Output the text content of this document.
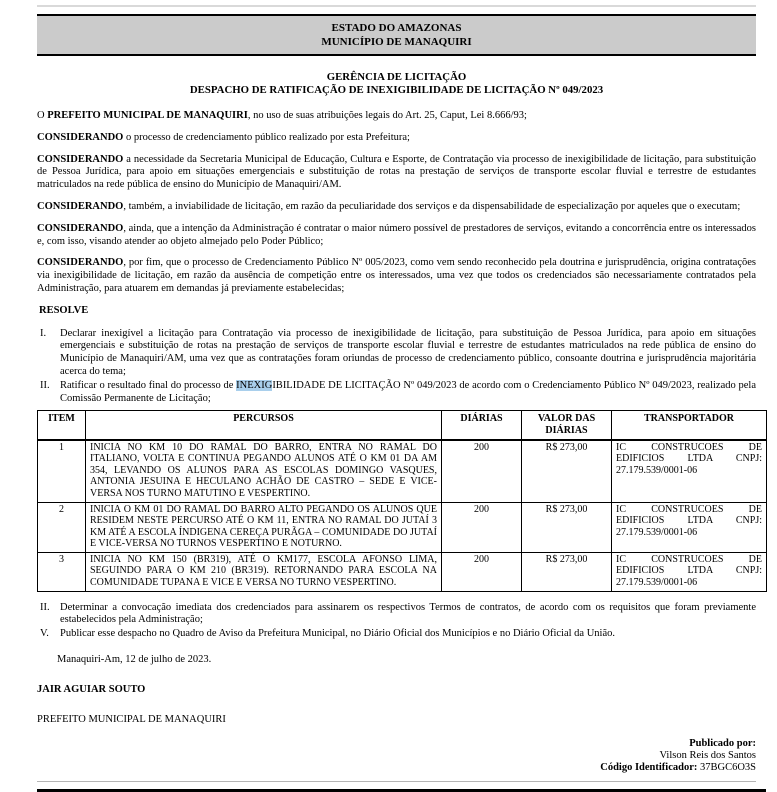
ESTADO DO AMAZONAS
MUNICÍPIO DE MANAQUIRI
GERÊNCIA DE LICITAÇÃO
DESPACHO DE RATIFICAÇÃO DE INEXIGIBILIDADE DE LICITAÇÃO Nº 049/2023

O PREFEITO MUNICIPAL DE MANAQUIRI, no uso de suas atribuições legais do Art. 25, Caput, Lei 8.666/93;

CONSIDERANDO o processo de credenciamento público realizado por esta Prefeitura;

CONSIDERANDO a necessidade da Secretaria Municipal de Educação, Cultura e Esporte, de Contratação via processo de inexigibilidade de licitação, para substituição de Pessoa Jurídica, para apoio em situações emergenciais e substituição de rotas na prestação de serviços de transporte escolar fluvial e terrestre de estudantes matriculados na rede pública de ensino do Município de Manaquiri/AM.

CONSIDERANDO, também, a inviabilidade de licitação, em razão da peculiaridade dos serviços e da dispensabilidade de especialização por aqueles que o executam;

CONSIDERANDO, ainda, que a intenção da Administração é contratar o maior número possível de prestadores de serviços, evitando a concorrência entre os interessados e, com isso, visando atender ao objeto almejado pelo Poder Público;

CONSIDERANDO, por fim, que o processo de Credenciamento Público Nº 005/2023, como vem sendo reconhecido pela doutrina e jurisprudência, origina contratações via inexigibilidade de licitação, em razão da ausência de competição entre os interessados, uma vez que todos os credenciados são necessariamente contratados pela Administração, para atuarem em demandas já previamente estabelecidas;

RESOLVE
I.	Declarar inexigível a licitação para Contratação via processo de inexigibilidade de licitação, para substituição de Pessoa Jurídica, para apoio em situações emergenciais e substituição de rotas na prestação de serviços de transporte escolar fluvial e terrestre de estudantes matriculados na rede pública de ensino do Município de Manaquiri/AM, uma vez que as contratações foram oriundas de processo de credenciamento público, consoante doutrina e jurisprudência majoritária acerca do tema;
II. Ratificar o resultado final do processo de INEXIGIBILIDADE DE LICITAÇÃO Nº 049/2023 de acordo com o Credenciamento Público Nº 049/2023, realizado pela Comissão Permanente de Licitação;
ITEM	PERCURSOS	DIÁRIAS	VALOR DAS DIÁRIAS	TRANSPORTADOR
1	INICIA NO KM 10 DO RAMAL DO BARRO, ENTRA NO RAMAL DO ITALIANO, VOLTA E CONTINUA PEGANDO ALUNOS ATÉ O KM 01 DA AM 354, LEVANDO OS ALUNOS PARA AS ESCOLAS DOMINGO VASQUES, ANTONIA JESUINA E HECULANO ACHÃO DE CASTRO – SEDE E VICE-VERSA NOS TURNO MATUTINO E VESPERTINO.	200	R$ 273,00	IC CONSTRUCOES DE EDIFICIOS LTDA CNPJ: 27.179.539/0001-06
2	INICIA O KM 01 DO RAMAL DO BARRO ALTO PEGANDO OS ALUNOS QUE RESIDEM NESTE PERCURSO ATÉ O KM 11, ENTRA NO RAMAL DO JUTAÍ 3 KM ATÉ A ESCOLA ÍNDIGENA CEREÇA PURÃGA – COMUNIDADE DO JUTAÍ E VICE-VERSA NO TURNOS VESPERTINO E NOTURNO.	200	R$ 273,00	IC CONSTRUCOES DE EDIFICIOS LTDA CNPJ: 27.179.539/0001-06
3	INICIA NO KM 150 (BR319), ATÉ O KM177, ESCOLA AFONSO LIMA, SEGUINDO PARA O KM 210 (BR319). RETORNANDO PARA ESCOLA NA COMUNIDADE TUPANA E VICE E VERSA NO TURNO VESPERTINO.	200	R$ 273,00	IC CONSTRUCOES DE EDIFICIOS LTDA CNPJ: 27.179.539/0001-06
II. Determinar a convocação imediata dos credenciados para assinarem os respectivos Termos de contratos, de acordo com os requisitos que foram previamente estabelecidos pela Administração;
V.	Publicar esse despacho no Quadro de Aviso da Prefeitura Municipal, no Diário Oficial dos Municípios e no Diário Oficial da União.
Manaquiri-Am, 12 de julho de 2023.
JAIR AGUIAR SOUTO
PREFEITO MUNICIPAL DE MANAQUIRI
Publicado por:
Vilson Reis dos Santos
Código Identificador: 37BGC6O3S
